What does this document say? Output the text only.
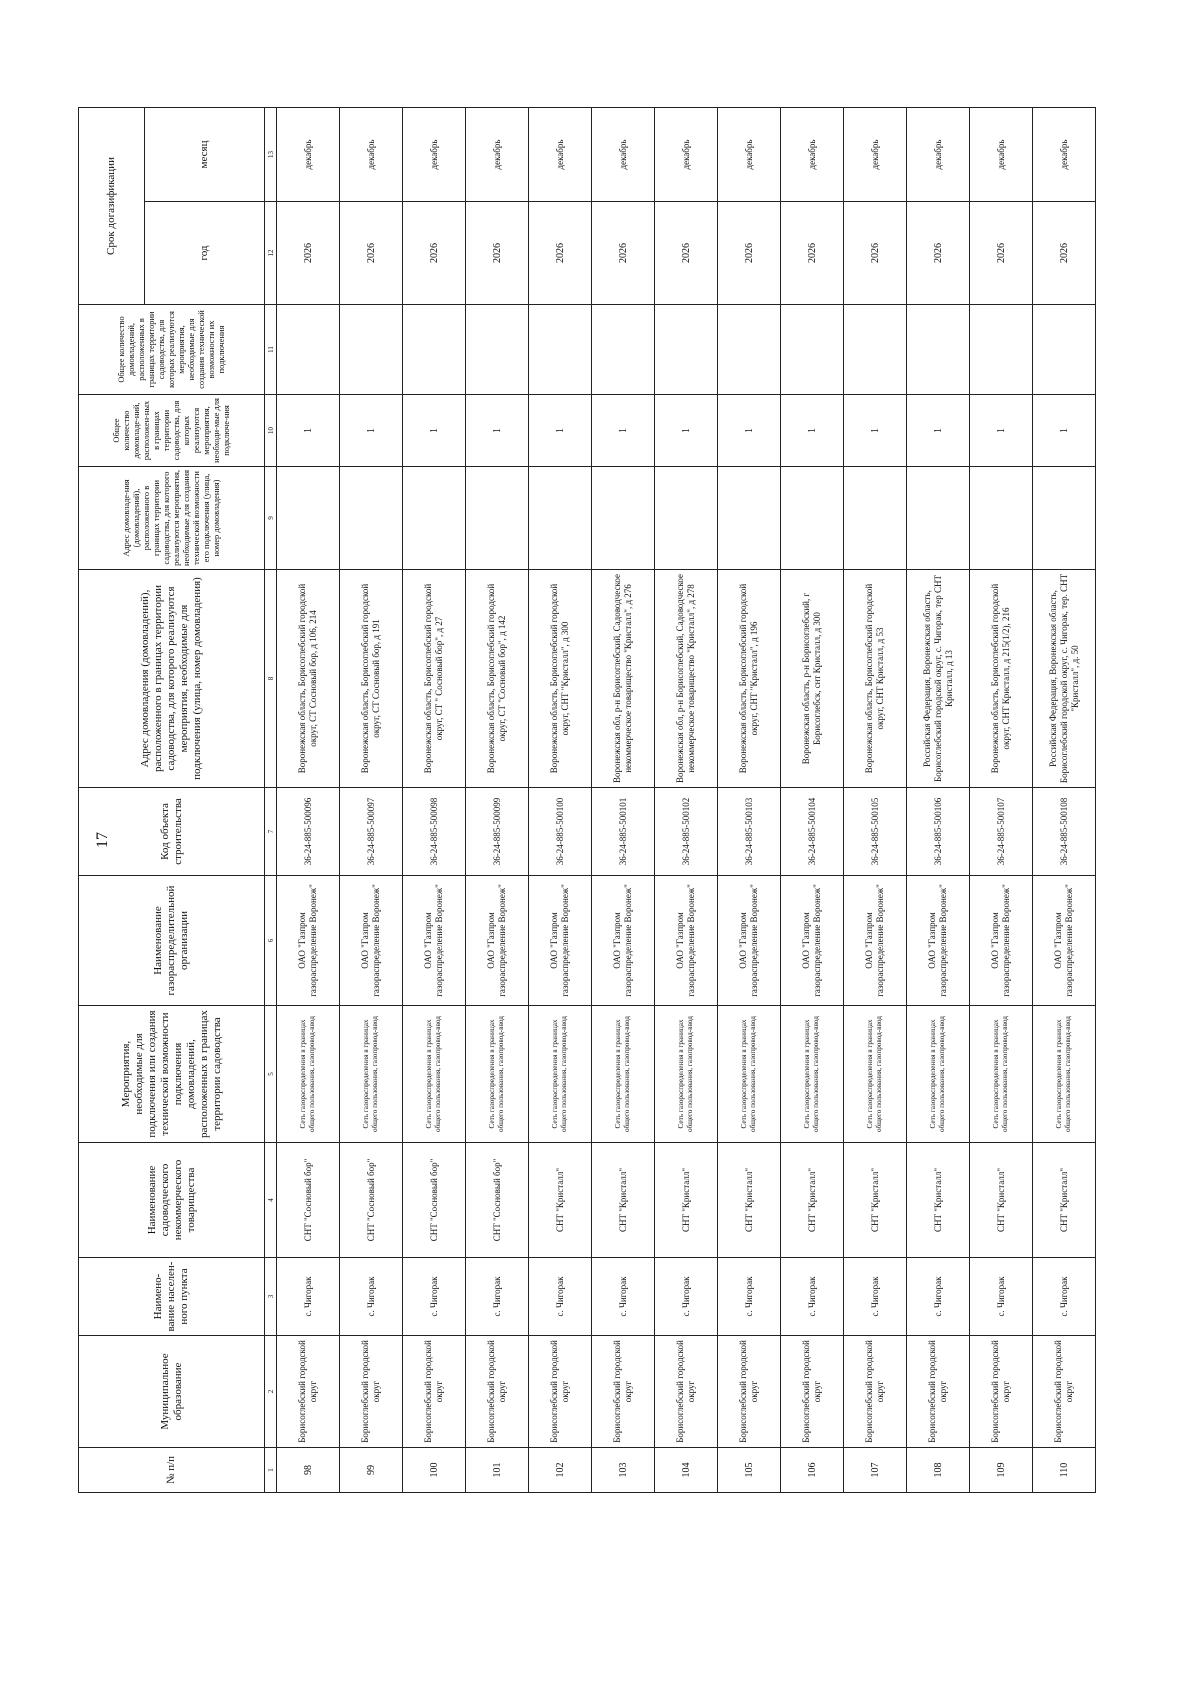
17
№ п/п	Муниципальное образование	Наимено-вание населен-ного пункта	Наименование садоводческого некоммерческого товарищества	Мероприятия, необходимые для подключения или создания технической возможности подключения домовладений, расположенных в границах территории садоводства	Наименование газораспределительной организации	Код объекта строительства	Адрес домовладения (домовладений), расположенного в границах территории садоводства, для которого реализуются мероприятия, необходимые для подключения (улица, номер домовладения)	Адрес домовладе-ния (домовладений), расположенного в границах территории садоводства, для которого реализуются мероприятия, необходимые для создания технической возможности его подключения (улица, номер домовладения)	Общее количество домовладе-ний, расположен-ных в границах территории садоводства, для которых реализуются мероприятия, необходи-мые для подключе-ния	Общее количество домовладений, расположенных в границах территории садоводства, для которых реализуются мероприятия, необходимые для создания технической возможности их подключения	Срок догазификации	
											год	месяц
1	2	3	4	5	6	7	8	9	10	11	12	13
98	Борисоглебский городской округ	с. Чигорак	СНТ "Сосновый бор"	Сеть газораспределения в границах общего пользования, газопровод-ввод	ОАО "Газпром газораспределение Воронеж"	36-24-885-500096	Воронежская область, Борисоглебский городской округ, СТ Сосновый бор, д 106, 214		1		2026	декабрь
99	Борисоглебский городской округ	с. Чигорак	СНТ "Сосновый бор"	Сеть газораспределения в границах общего пользования, газопровод-ввод	ОАО "Газпром газораспределение Воронеж"	36-24-885-500097	Воронежская область, Борисоглебский городской округ, СТ Сосновый бор, д 191		1		2026	декабрь
100	Борисоглебский городской округ	с. Чигорак	СНТ "Сосновый бор"	Сеть газораспределения в границах общего пользования, газопровод-ввод	ОАО "Газпром газораспределение Воронеж"	36-24-885-500098	Воронежская область, Борисоглебский городской округ, СТ " Сосновый бор", д 27		1		2026	декабрь
101	Борисоглебский городской округ	с. Чигорак	СНТ "Сосновый бор"	Сеть газораспределения в границах общего пользования, газопровод-ввод	ОАО "Газпром газораспределение Воронеж"	36-24-885-500099	Воронежская область, Борисоглебский городской округ, СТ "Сосновый бор", д 142		1		2026	декабрь
102	Борисоглебский городской округ	с. Чигорак	СНТ "Кристалл"	Сеть газораспределения в границах общего пользования, газопровод-ввод	ОАО "Газпром газораспределение Воронеж"	36-24-885-500100	Воронежская область, Борисоглебский городской округ, СНТ "Кристалл", д 300		1		2026	декабрь
103	Борисоглебский городской округ	с. Чигорак	СНТ "Кристалл"	Сеть газораспределения в границах общего пользования, газопровод-ввод	ОАО "Газпром газораспределение Воронеж"	36-24-885-500101	Воронежская обл, р-н Борисоглебский, Садоводческое некоммерческое товарищество "Кристалл", д 276		1		2026	декабрь
104	Борисоглебский городской округ	с. Чигорак	СНТ "Кристалл"	Сеть газораспределения в границах общего пользования, газопровод-ввод	ОАО "Газпром газораспределение Воронеж"	36-24-885-500102	Воронежская обл, р-н Борисоглебский, Садоводческое некоммерческое товарищество "Кристалл", д 278		1		2026	декабрь
105	Борисоглебский городской округ	с. Чигорак	СНТ "Кристалл"	Сеть газораспределения в границах общего пользования, газопровод-ввод	ОАО "Газпром газораспределение Воронеж"	36-24-885-500103	Воронежская область, Борисоглебский городской округ, СНТ "Кристалл", д 196		1		2026	декабрь
106	Борисоглебский городской округ	с. Чигорак	СНТ "Кристалл"	Сеть газораспределения в границах общего пользования, газопровод-ввод	ОАО "Газпром газораспределение Воронеж"	36-24-885-500104	Воронежская область, р-н Борисоглебский, г Борисоглебск, снт Кристалл, д 300		1		2026	декабрь
107	Борисоглебский городской округ	с. Чигорак	СНТ "Кристалл"	Сеть газораспределения в границах общего пользования, газопровод-ввод	ОАО "Газпром газораспределение Воронеж"	36-24-885-500105	Воронежская область, Борисоглебский городской округ, СНТ Кристалл, д 53		1		2026	декабрь
108	Борисоглебский городской округ	с. Чигорак	СНТ "Кристалл"	Сеть газораспределения в границах общего пользования, газопровод-ввод	ОАО "Газпром газораспределение Воронеж"	36-24-885-500106	Российская Федерация, Воронежская область, Борисоглебский городской округ, с. Чигорак, тер СНТ Кристалл, д 13		1		2026	декабрь
109	Борисоглебский городской округ	с. Чигорак	СНТ "Кристалл"	Сеть газораспределения в границах общего пользования, газопровод-ввод	ОАО "Газпром газораспределение Воронеж"	36-24-885-500107	Воронежская область, Борисоглебский городской округ, СНТ Кристалл, д 215(1/2), 216		1		2026	декабрь
110	Борисоглебский городской округ	с. Чигорак	СНТ "Кристалл"	Сеть газораспределения в границах общего пользования, газопровод-ввод	ОАО "Газпром газораспределение Воронеж"	36-24-885-500108	Российская Федерация, Воронежская область, Борисоглебский городской округ, с. Чигорак, тер. СНТ "Кристалл", д. 50		1		2026	декабрь
